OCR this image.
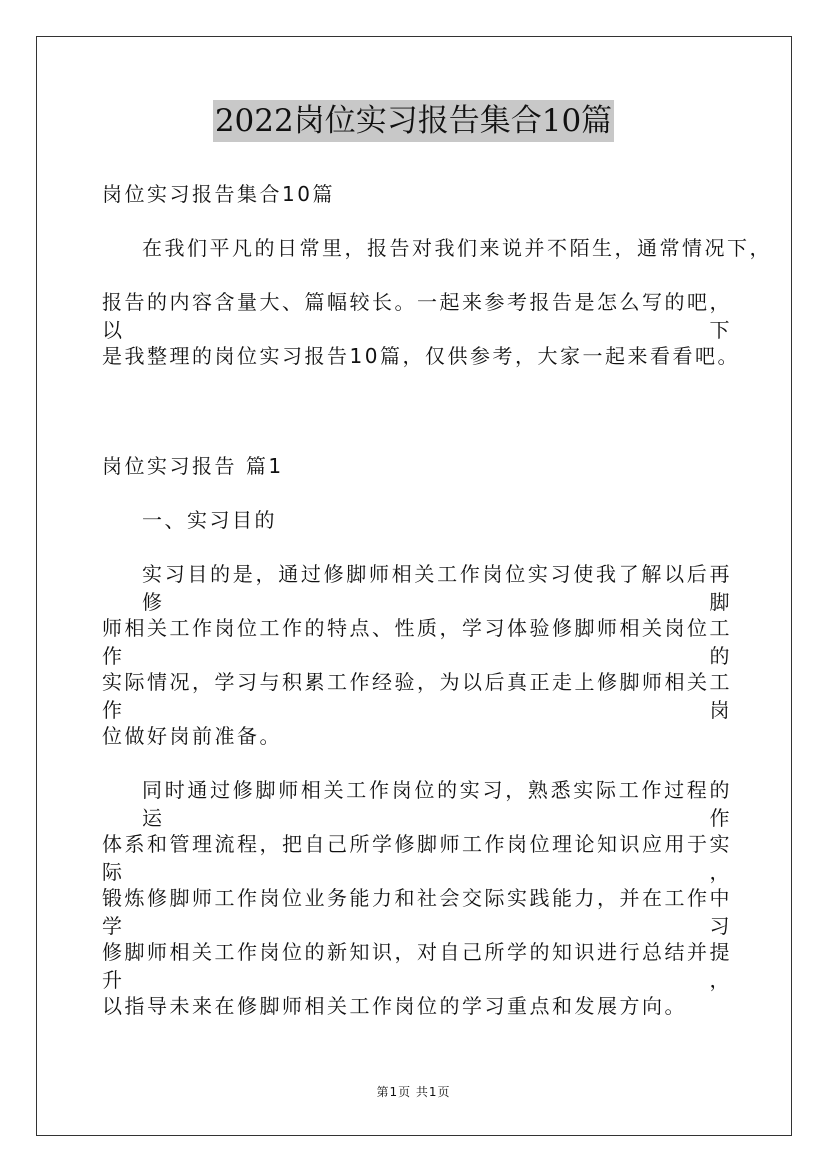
2022岗位实习报告集合10篇
岗位实习报告集合10篇
在我们平凡的日常里，报告对我们来说并不陌生，通常情况下，
报告的内容含量大、篇幅较长。一起来参考报告是怎么写的吧，以下
是我整理的岗位实习报告10篇，仅供参考，大家一起来看看吧。
岗位实习报告 篇1
一、实习目的
实习目的是，通过修脚师相关工作岗位实习使我了解以后再修脚
师相关工作岗位工作的特点、性质，学习体验修脚师相关岗位工作的
实际情况，学习与积累工作经验，为以后真正走上修脚师相关工作岗
位做好岗前准备。
同时通过修脚师相关工作岗位的实习，熟悉实际工作过程的运作
体系和管理流程，把自己所学修脚师工作岗位理论知识应用于实际，
锻炼修脚师工作岗位业务能力和社会交际实践能力，并在工作中学习
修脚师相关工作岗位的新知识，对自己所学的知识进行总结并提升，
以指导未来在修脚师相关工作岗位的学习重点和发展方向。
第1页 共1页
